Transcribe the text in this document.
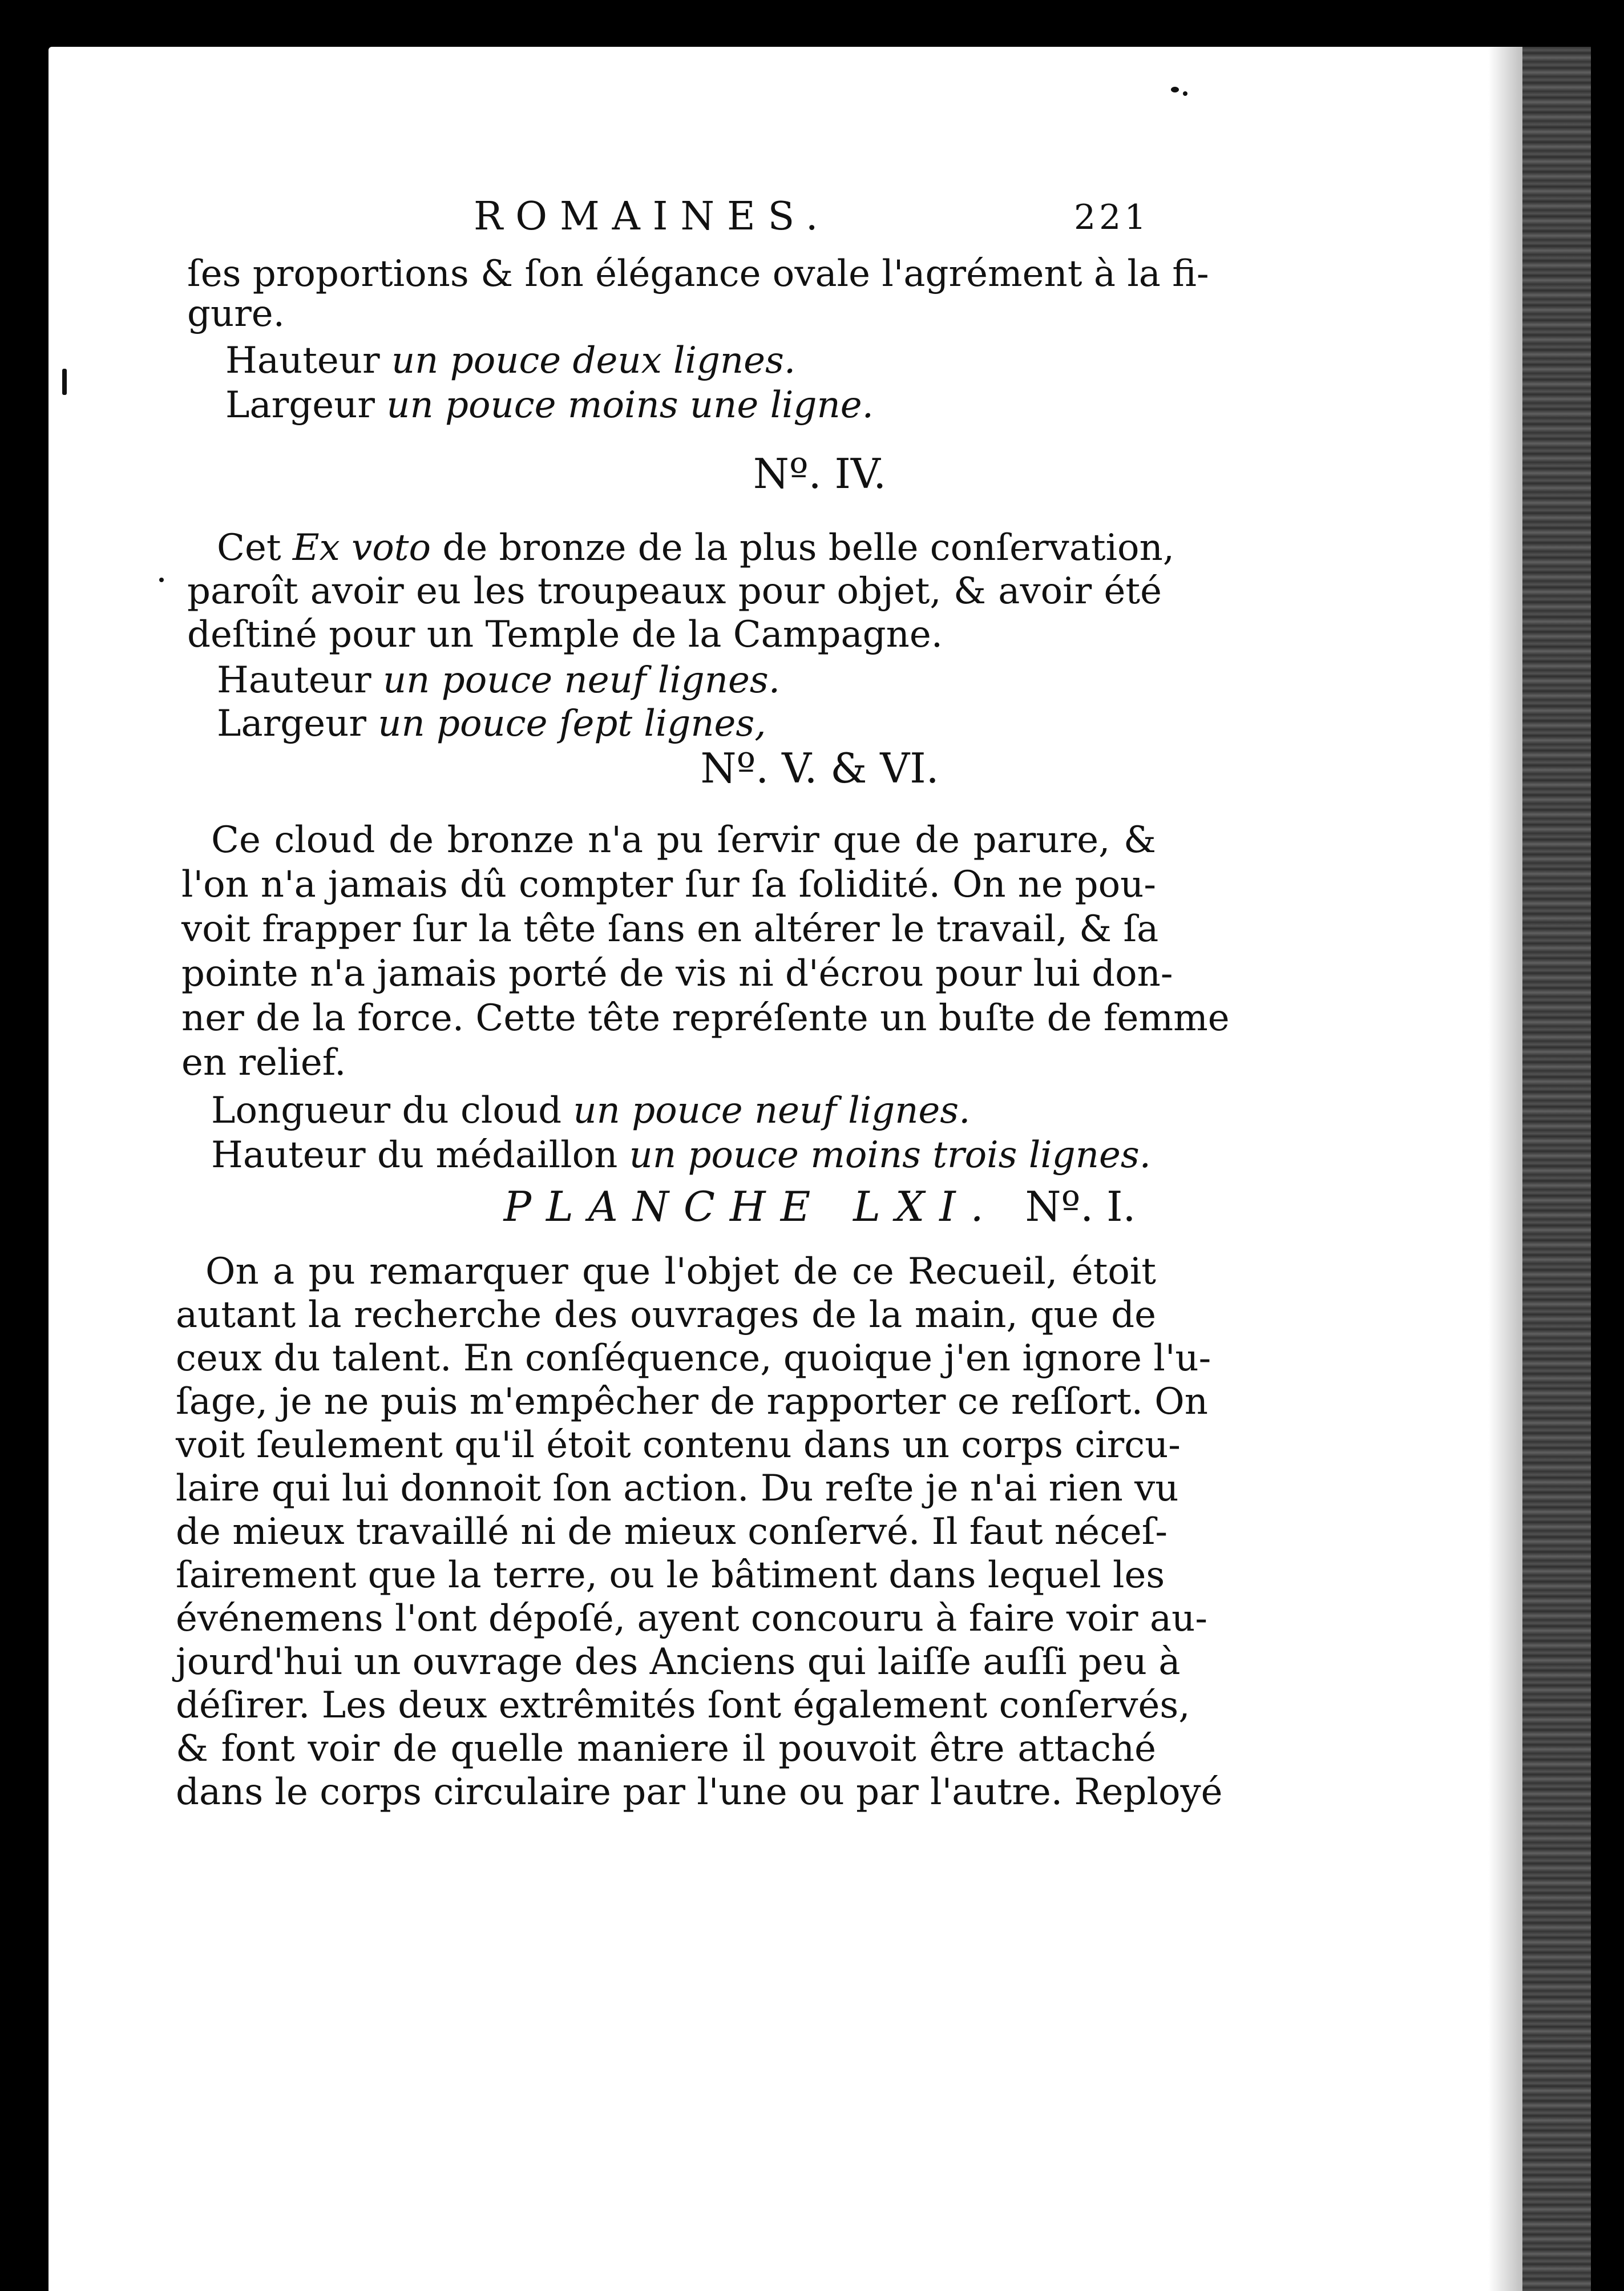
ROMAINES.	221
ſes proportions & ſon élégance ovale l'agrément à la fi-
gure.
Hauteur un pouce deux lignes.
Largeur un pouce moins une ligne.
Nº. IV.
Cet Ex voto de bronze de la plus belle conſervation,
paroît avoir eu les troupeaux pour objet, & avoir été
deſtiné pour un Temple de la Campagne.
Hauteur un pouce neuf lignes.
Largeur un pouce ſept lignes,
Nº. V. & VI.
Ce cloud de bronze n'a pu ſervir que de parure, &
l'on n'a jamais dû compter ſur ſa ſolidité. On ne pou-
voit frapper ſur la tête ſans en altérer le travail, & ſa
pointe n'a jamais porté de vis ni d'écrou pour lui don-
ner de la force. Cette tête repréſente un buſte de femme
en relief.
Longueur du cloud un pouce neuf lignes.
Hauteur du médaillon un pouce moins trois lignes.
PLANCHE LXI. Nº. I.
On a pu remarquer que l'objet de ce Recueil, étoit
autant la recherche des ouvrages de la main, que de
ceux du talent. En conſéquence, quoique j'en ignore l'u-
ſage, je ne puis m'empêcher de rapporter ce reſſort. On
voit ſeulement qu'il étoit contenu dans un corps circu-
laire qui lui donnoit ſon action. Du reſte je n'ai rien vu
de mieux travaillé ni de mieux conſervé. Il faut néceſ-
ſairement que la terre, ou le bâtiment dans lequel les
événemens l'ont dépoſé, ayent concouru à faire voir au-
jourd'hui un ouvrage des Anciens qui laiſſe auſſi peu à
déſirer. Les deux extrêmités ſont également conſervés,
& font voir de quelle maniere il pouvoit être attaché
dans le corps circulaire par l'une ou par l'autre. Reployé
